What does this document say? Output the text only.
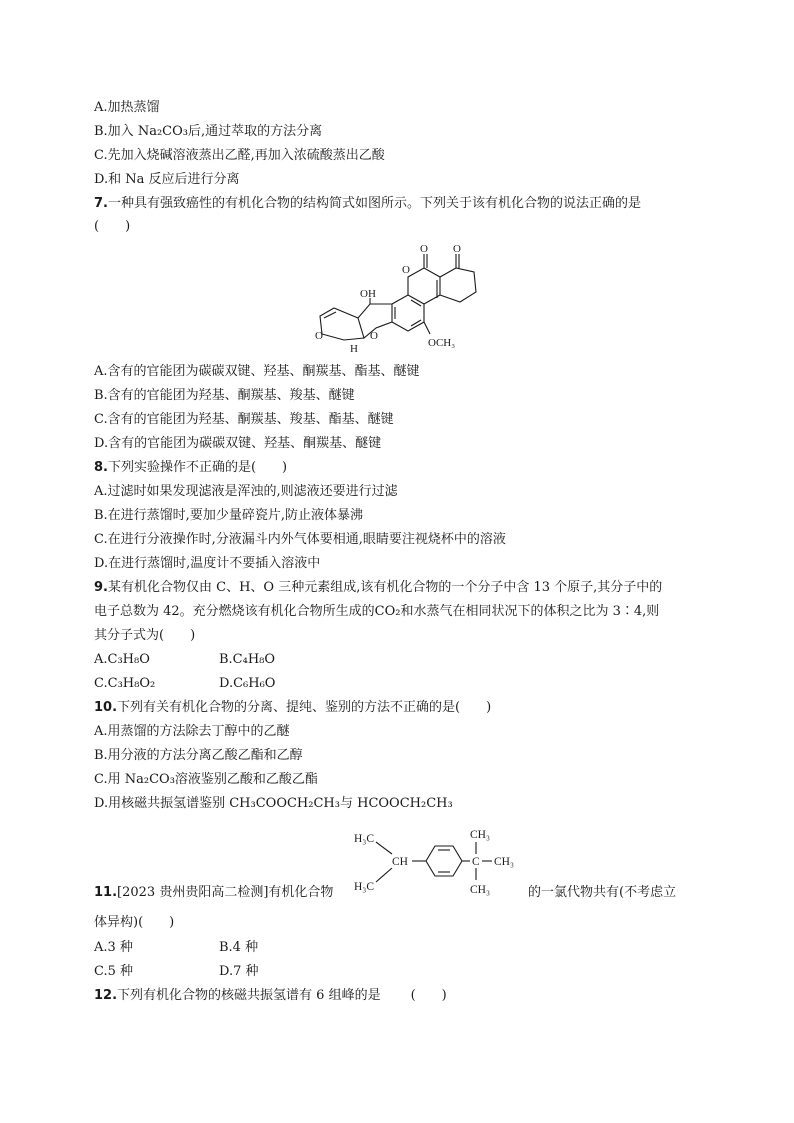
A.加热蒸馏
B.加入 Na₂CO₃后,通过萃取的方法分离
C.先加入烧碱溶液蒸出乙醛,再加入浓硫酸蒸出乙酸
D.和 Na 反应后进行分离
7.一种具有强致癌性的有机化合物的结构简式如图所示。下列关于该有机化合物的说法正确的是
(　　)
O O
O
OH
O	O
H	OCH₃
A.含有的官能团为碳碳双键、羟基、酮羰基、酯基、醚键
B.含有的官能团为羟基、酮羰基、羧基、醚键
C.含有的官能团为羟基、酮羰基、羧基、酯基、醚键
D.含有的官能团为碳碳双键、羟基、酮羰基、醚键
8.下列实验操作不正确的是(　　)
A.过滤时如果发现滤液是浑浊的,则滤液还要进行过滤
B.在进行蒸馏时,要加少量碎瓷片,防止液体暴沸
C.在进行分液操作时,分液漏斗内外气体要相通,眼睛要注视烧杯中的溶液
D.在进行蒸馏时,温度计不要插入溶液中
9.某有机化合物仅由 C、H、O 三种元素组成,该有机化合物的一个分子中含 13 个原子,其分子中的
电子总数为 42。充分燃烧该有机化合物所生成的CO₂和水蒸气在相同状况下的体积之比为 3∶4,则
其分子式为(　　)
A.C₃H₈O	B.C₄H₈O
C.C₃H₈O₂	D.C₆H₆O
10.下列有关有机化合物的分离、提纯、鉴别的方法不正确的是(　　)
A.用蒸馏的方法除去丁醇中的乙醚
B.用分液的方法分离乙酸乙酯和乙醇
C.用 Na₂CO₃溶液鉴别乙酸和乙酸乙酯
D.用核磁共振氢谱鉴别 CH₃COOCH₂CH₃与 HCOOCH₂CH₃
11.[2023 贵州贵阳高二检测]有机化合物
H₃C
CH
H₃C
CH₃
C CH₃
CH₃	的一氯代物共有(不考虑立
体异构)(　　)
A.3 种	B.4 种
C.5 种	D.7 种
12.下列有机化合物的核磁共振氢谱有 6 组峰的是 (　　)
